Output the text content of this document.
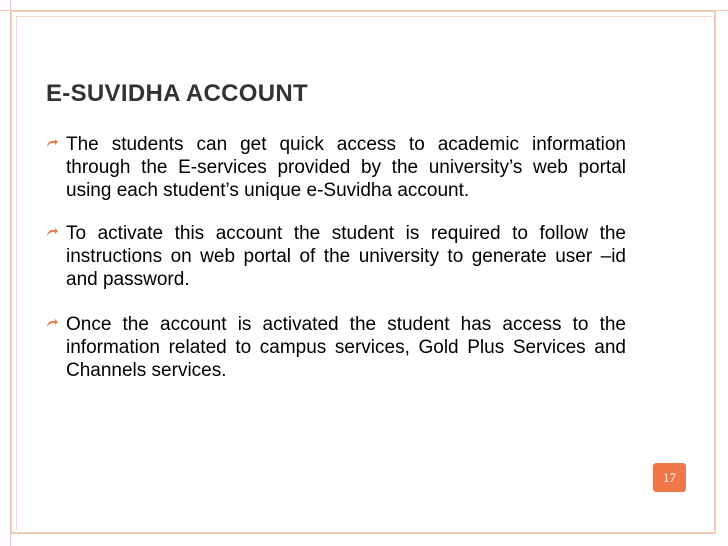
E-SUVIDHA ACCOUNT
The students can get quick access to academic information through the E-services provided by the university’s web portal using each student’s unique e-Suvidha account.
To activate this account the student is required to follow the instructions on web portal of the university to generate user –id and password.
Once the account is activated the student has access to the information related to campus services, Gold Plus Services and Channels services.
17
